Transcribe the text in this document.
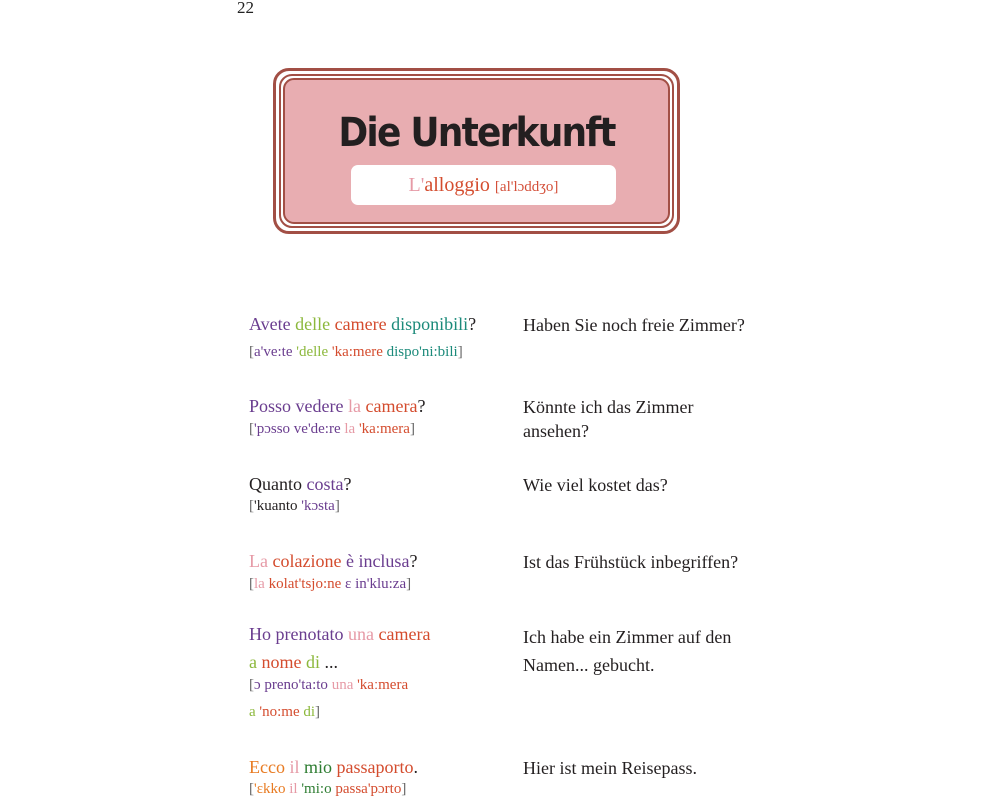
22
Die Unterkunft
L'alloggio [al'lɔddʒo]
Avete delle camere disponibili?
[a've:te 'delle 'ka:mere dispo'ni:bili]
Haben Sie noch freie Zimmer?
Posso vedere la camera?
['pɔsso ve'de:re la 'ka:mera]
Könnte ich das Zimmer ansehen?
Quanto costa?
['kuanto 'kɔsta]
Wie viel kostet das?
La colazione è inclusa?
[la kolat'tsjo:ne ɛ in'klu:za]
Ist das Frühstück inbegriffen?
Ho prenotato una camera
a nome di ...
[ɔ preno'ta:to una 'kaːmera
a 'no:me di]
Ich habe ein Zimmer auf den Namen... gebucht.
Ecco il mio passaporto.
['ɛkko il 'mi:o passa'pɔrto]
Hier ist mein Reisepass.
